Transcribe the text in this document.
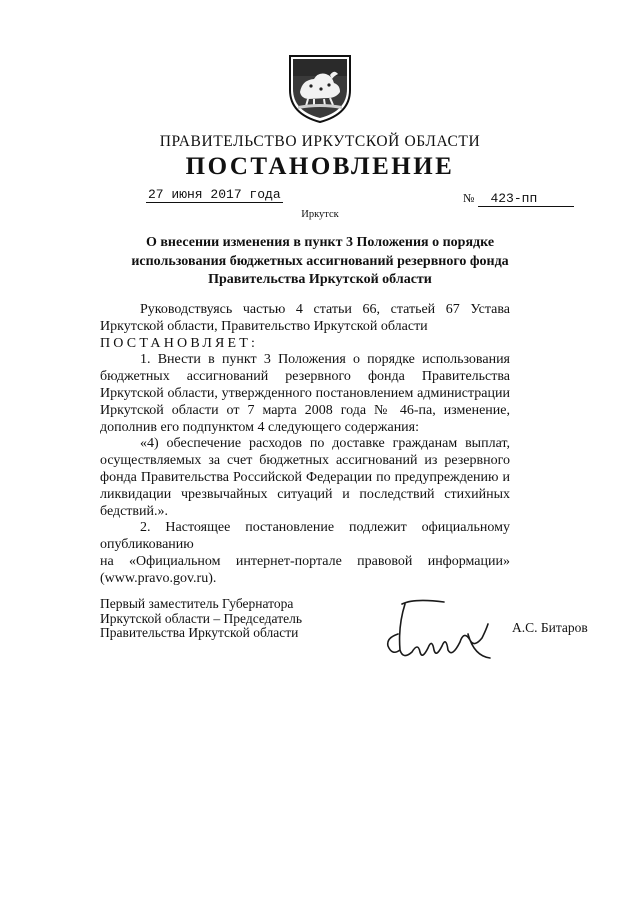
ПРАВИТЕЛЬСТВО ИРКУТСКОЙ ОБЛАСТИ
ПОСТАНОВЛЕНИЕ
27 июня 2017 года	№ 423-пп
Иркутск
О внесении изменения в пункт 3 Положения о порядке использования бюджетных ассигнований резервного фонда Правительства Иркутской области

Руководствуясь частью 4 статьи 66, статьей 67 Устава Иркутской области, Правительство Иркутской области

ПОСТАНОВЛЯЕТ:

1. Внести в пункт 3 Положения о порядке использования бюджетных ассигнований резервного фонда Правительства Иркутской области, утвержденного постановлением администрации Иркутской области от 7 марта 2008 года № 46-па, изменение, дополнив его подпунктом 4 следующего содержания:

«4) обеспечение расходов по доставке гражданам выплат, осуществляемых за счет бюджетных ассигнований из резервного фонда Правительства Российской Федерации по предупреждению и ликвидации чрезвычайных ситуаций и последствий стихийных бедствий.».

2. Настоящее постановление подлежит официальному опубликованию

на «Официальном интернет-портале правовой информации»

(www.pravo.gov.ru).

Первый заместитель Губернатора
Иркутской области – Председатель
Правительства Иркутской области	А.С. Битаров
